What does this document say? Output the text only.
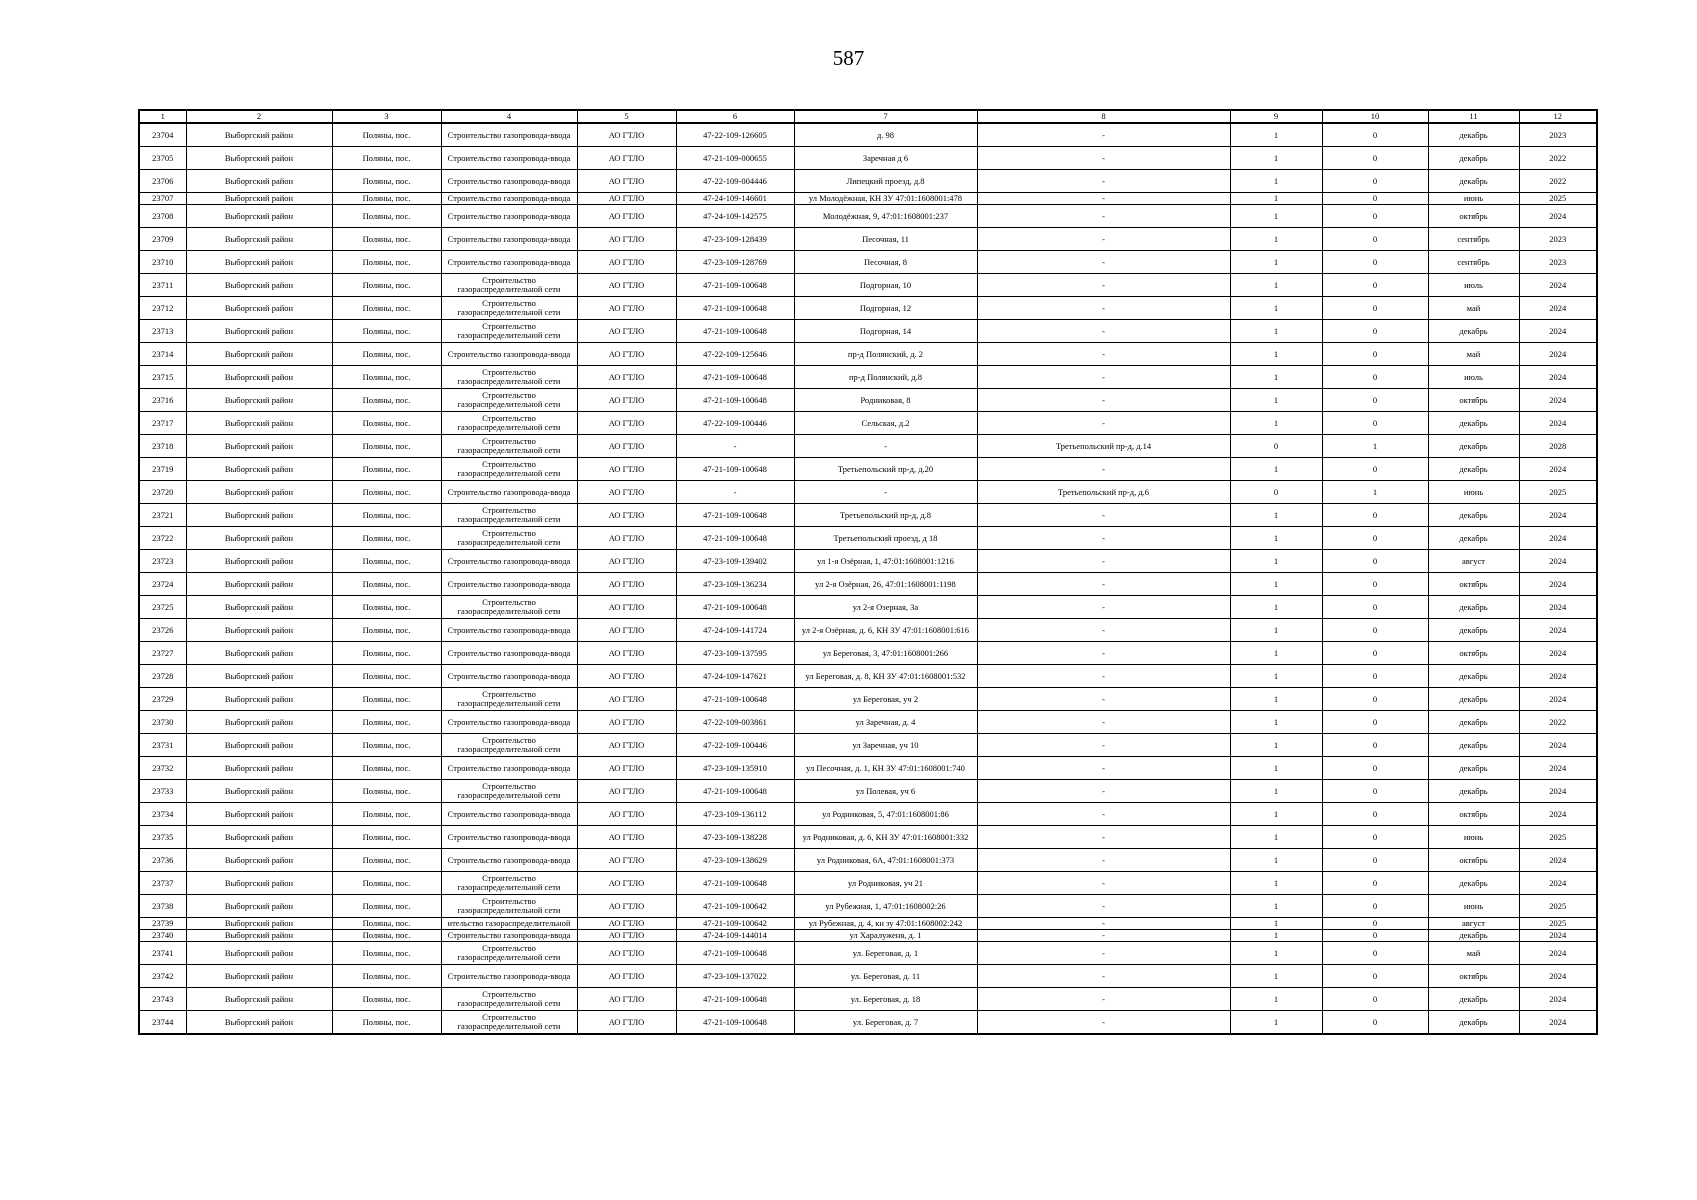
587
1	2	3	4	5	6	7	8	9	10	11	12
23704	Выборгский район	Поляны, пос.	Строительство газопровода-ввода	АО ГТЛО	47-22-109-126605	д. 98	-	1	0	декабрь	2023
23705	Выборгский район	Поляны, пос.	Строительство газопровода-ввода	АО ГТЛО	47-21-109-000655	Заречная д 6	-	1	0	декабрь	2022
23706	Выборгский район	Поляны, пос.	Строительство газопровода-ввода	АО ГТЛО	47-22-109-004446	Липецкий проезд, д.8	-	1	0	декабрь	2022
23707	Выборгский район	Поляны, пос.	Строительство газопровода-ввода	АО ГТЛО	47-24-109-146601	ул Молодёжная, КН ЗУ 47:01:1608001:478	-	1	0	июнь	2025
23708	Выборгский район	Поляны, пос.	Строительство газопровода-ввода	АО ГТЛО	47-24-109-142575	Молодёжная, 9, 47:01:1608001:237	-	1	0	октябрь	2024
23709	Выборгский район	Поляны, пос.	Строительство газопровода-ввода	АО ГТЛО	47-23-109-128439	Песочная, 11	-	1	0	сентябрь	2023
23710	Выборгский район	Поляны, пос.	Строительство газопровода-ввода	АО ГТЛО	47-23-109-128769	Песочная, 8	-	1	0	сентябрь	2023
23711	Выборгский район	Поляны, пос.	Строительство газораспределительной сети	АО ГТЛО	47-21-109-100648	Подгорная, 10	-	1	0	июль	2024
23712	Выборгский район	Поляны, пос.	Строительство газораспределительной сети	АО ГТЛО	47-21-109-100648	Подгорная, 12	-	1	0	май	2024
23713	Выборгский район	Поляны, пос.	Строительство газораспределительной сети	АО ГТЛО	47-21-109-100648	Подгорная, 14	-	1	0	декабрь	2024
23714	Выборгский район	Поляны, пос.	Строительство газопровода-ввода	АО ГТЛО	47-22-109-125646	пр-д Полянский, д. 2	-	1	0	май	2024
23715	Выборгский район	Поляны, пос.	Строительство газораспределительной сети	АО ГТЛО	47-21-109-100648	пр-д Полянский, д.8	-	1	0	июль	2024
23716	Выборгский район	Поляны, пос.	Строительство газораспределительной сети	АО ГТЛО	47-21-109-100648	Родниковая, 8	-	1	0	октябрь	2024
23717	Выборгский район	Поляны, пос.	Строительство газораспределительной сети	АО ГТЛО	47-22-109-100446	Сельская, д.2	-	1	0	декабрь	2024
23718	Выборгский район	Поляны, пос.	Строительство газораспределительной сети	АО ГТЛО	-	-	Третьепольский пр-д, д.14	0	1	декабрь	2028
23719	Выборгский район	Поляны, пос.	Строительство газораспределительной сети	АО ГТЛО	47-21-109-100648	Третьепольский пр-д, д.20	-	1	0	декабрь	2024
23720	Выборгский район	Поляны, пос.	Строительство газопровода-ввода	АО ГТЛО	-	-	Третьепольский пр-д, д.6	0	1	июнь	2025
23721	Выборгский район	Поляны, пос.	Строительство газораспределительной сети	АО ГТЛО	47-21-109-100648	Третьепольский пр-д, д.8	-	1	0	декабрь	2024
23722	Выборгский район	Поляны, пос.	Строительство газораспределительной сети	АО ГТЛО	47-21-109-100648	Третьепольский проезд, д 18	-	1	0	декабрь	2024
23723	Выборгский район	Поляны, пос.	Строительство газопровода-ввода	АО ГТЛО	47-23-109-139402	ул 1-я Озёрная, 1, 47:01:1608001:1216	-	1	0	август	2024
23724	Выборгский район	Поляны, пос.	Строительство газопровода-ввода	АО ГТЛО	47-23-109-136234	ул 2-я Озёрная, 26, 47:01:1608001:1198	-	1	0	октябрь	2024
23725	Выборгский район	Поляны, пос.	Строительство газораспределительной сети	АО ГТЛО	47-21-109-100648	ул 2-я Озерная, 3а	-	1	0	декабрь	2024
23726	Выборгский район	Поляны, пос.	Строительство газопровода-ввода	АО ГТЛО	47-24-109-141724	ул 2-я Озёрная, д. 6, КН ЗУ 47:01:1608001:616	-	1	0	декабрь	2024
23727	Выборгский район	Поляны, пос.	Строительство газопровода-ввода	АО ГТЛО	47-23-109-137595	ул Береговая, 3, 47:01:1608001:266	-	1	0	октябрь	2024
23728	Выборгский район	Поляны, пос.	Строительство газопровода-ввода	АО ГТЛО	47-24-109-147621	ул Береговая, д. 8, КН ЗУ 47:01:1608001:532	-	1	0	декабрь	2024
23729	Выборгский район	Поляны, пос.	Строительство газораспределительной сети	АО ГТЛО	47-21-109-100648	ул Береговая, уч 2	-	1	0	декабрь	2024
23730	Выборгский район	Поляны, пос.	Строительство газопровода-ввода	АО ГТЛО	47-22-109-003861	ул Заречная, д. 4	-	1	0	декабрь	2022
23731	Выборгский район	Поляны, пос.	Строительство газораспределительной сети	АО ГТЛО	47-22-109-100446	ул Заречная, уч 10	-	1	0	декабрь	2024
23732	Выборгский район	Поляны, пос.	Строительство газопровода-ввода	АО ГТЛО	47-23-109-135910	ул Песочная, д. 1, КН ЗУ 47:01:1608001:740	-	1	0	декабрь	2024
23733	Выборгский район	Поляны, пос.	Строительство газораспределительной сети	АО ГТЛО	47-21-109-100648	ул Полевая, уч 6	-	1	0	декабрь	2024
23734	Выборгский район	Поляны, пос.	Строительство газопровода-ввода	АО ГТЛО	47-23-109-136112	ул Родниковая, 5, 47:01:1608001:86	-	1	0	октябрь	2024
23735	Выборгский район	Поляны, пос.	Строительство газопровода-ввода	АО ГТЛО	47-23-109-138228	ул Родниковая, д. 6, КН ЗУ 47:01:1608001:332	-	1	0	июнь	2025
23736	Выборгский район	Поляны, пос.	Строительство газопровода-ввода	АО ГТЛО	47-23-109-138629	ул Родниковая, 6А, 47:01:1608001:373	-	1	0	октябрь	2024
23737	Выборгский район	Поляны, пос.	Строительство газораспределительной сети	АО ГТЛО	47-21-109-100648	ул Родниковая, уч 21	-	1	0	декабрь	2024
23738	Выборгский район	Поляны, пос.	Строительство газораспределительной сети	АО ГТЛО	47-21-109-100642	ул Рубежная, 1, 47:01:1608002:26	-	1	0	июнь	2025
23739	Выборгский район	Поляны, пос.	ительство газораспределительной	АО ГТЛО	47-21-109-100642	ул Рубежная, д. 4, кн зу 47:01:1608002:242	-	1	0	август	2025
23740	Выборгский район	Поляны, пос.	Строительство газопровода-ввода	АО ГТЛО	47-24-109-144014	ул Харалуженя, д. 1	-	1	0	декабрь	2024
23741	Выборгский район	Поляны, пос.	Строительство газораспределительной сети	АО ГТЛО	47-21-109-100648	ул. Береговая, д. 1	-	1	0	май	2024
23742	Выборгский район	Поляны, пос.	Строительство газопровода-ввода	АО ГТЛО	47-23-109-137022	ул. Береговая, д. 11	-	1	0	октябрь	2024
23743	Выборгский район	Поляны, пос.	Строительство газораспределительной сети	АО ГТЛО	47-21-109-100648	ул. Береговая, д. 18	-	1	0	декабрь	2024
23744	Выборгский район	Поляны, пос.	Строительство газораспределительной сети	АО ГТЛО	47-21-109-100648	ул. Береговая, д. 7	-	1	0	декабрь	2024
